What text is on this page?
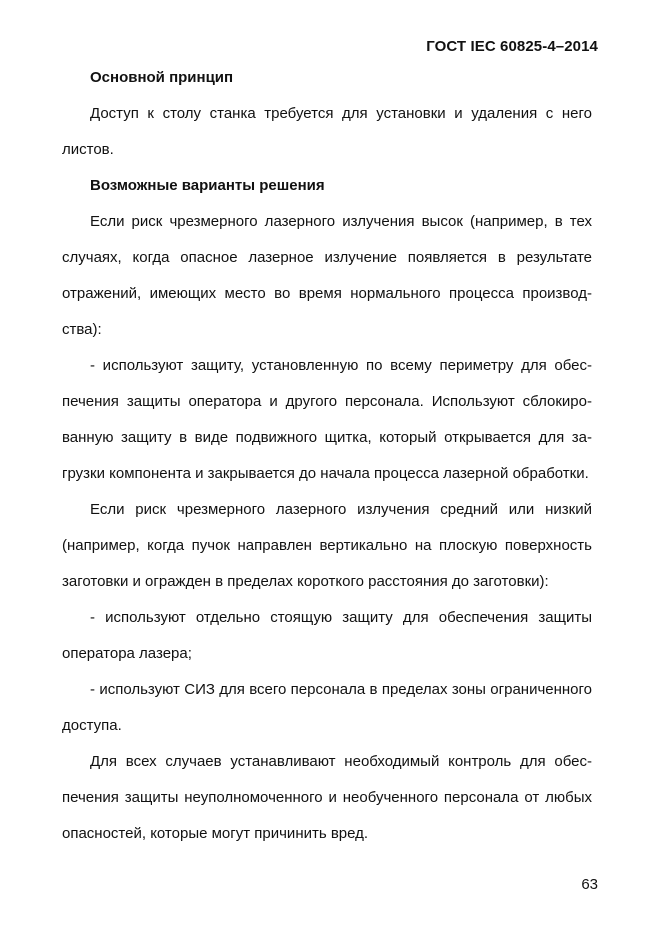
ГОСТ IEC 60825-4–2014

Основной принцип

Доступ к столу станка требуется для установки и удаления с него листов.

Возможные варианты решения

Если риск чрезмерного лазерного излучения высок (например, в тех случаях, когда опасное лазерное излучение появляется в результате отражений, имеющих место во время нормального процесса производства):

- используют защиту, установленную по всему периметру для обеспечения защиты оператора и другого персонала. Используют сблокированную защиту в виде подвижного щитка, который открывается для загрузки компонента и закрывается до начала процесса лазерной обработки.

Если риск чрезмерного лазерного излучения средний или низкий (например, когда пучок направлен вертикально на плоскую поверхность заготовки и огражден в пределах короткого расстояния до заготовки):

- используют отдельно стоящую защиту для обеспечения защиты оператора лазера;

- используют СИЗ для всего персонала в пределах зоны ограниченного доступа.

Для всех случаев устанавливают необходимый контроль для обеспечения защиты неуполномоченного и необученного персонала от любых опасностей, которые могут причинить вред.

63
